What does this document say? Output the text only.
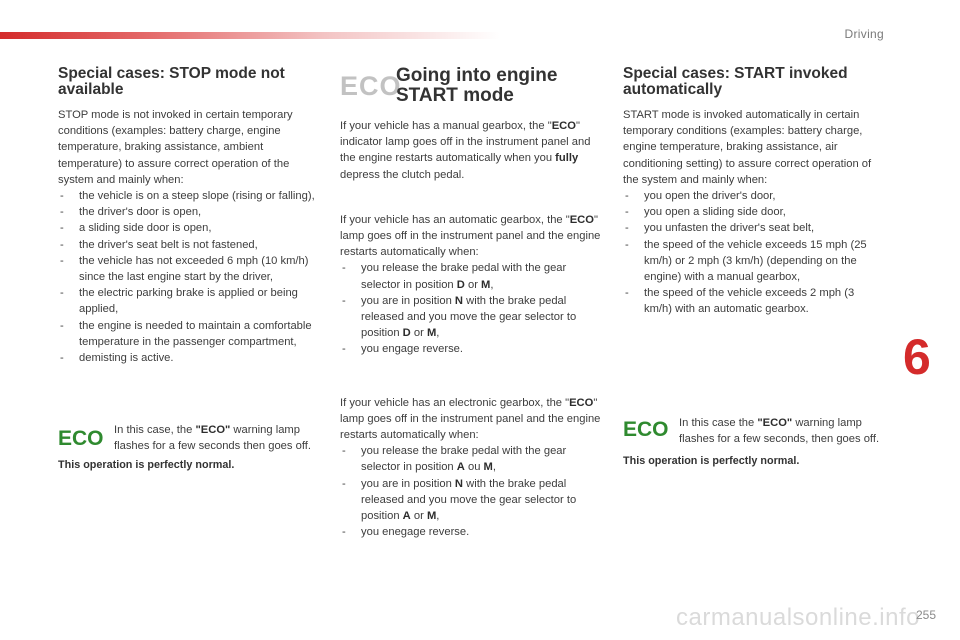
Driving
6
255
Special cases: STOP mode not available

STOP mode is not invoked in certain temporary conditions (examples: battery charge, engine temperature, braking assistance, ambient temperature) to assure correct operation of the system and mainly when:

- the vehicle is on a steep slope (rising or falling),
- the driver's door is open,
- a sliding side door is open,
- the driver's seat belt is not fastened,
- the vehicle has not exceeded 6 mph (10 km/h) since the last engine start by the driver,
- the electric parking brake is applied or being applied,
- the engine is needed to maintain a comfortable temperature in the passenger compartment,
- demisting is active.
ECO In this case, the "ECO" warning lamp flashes for a few seconds then goes off.

This operation is perfectly normal.

ECO
Going into engine START mode

If your vehicle has a manual gearbox, the "ECO" indicator lamp goes off in the instrument panel and the engine restarts automatically when you fully depress the clutch pedal.

If your vehicle has an automatic gearbox, the "ECO" lamp goes off in the instrument panel and the engine restarts automatically when:

- you release the brake pedal with the gear selector in position D or M,
- you are in position N with the brake pedal released and you move the gear selector to position D or M,
- you engage reverse.

If your vehicle has an electronic gearbox, the "ECO" lamp goes off in the instrument panel and the engine restarts automatically when:

- you release the brake pedal with the gear selector in position A ou M,
- you are in position N with the brake pedal released and you move the gear selector to position A or M,
- you enegage reverse.
Special cases: START invoked automatically

START mode is invoked automatically in certain temporary conditions (examples: battery charge, engine temperature, braking assistance, air conditioning setting) to assure correct operation of the system and mainly when:

- you open the driver's door,
- you open a sliding side door,
- you unfasten the driver's seat belt,
- the speed of the vehicle exceeds 15 mph (25 km/h) or 2 mph (3 km/h) (depending on the engine) with a manual gearbox,
- the speed of the vehicle exceeds 2 mph (3 km/h) with an automatic gearbox.
ECO In this case the "ECO" warning lamp flashes for a few seconds, then goes off.

This operation is perfectly normal.

carmanualsonline.info
